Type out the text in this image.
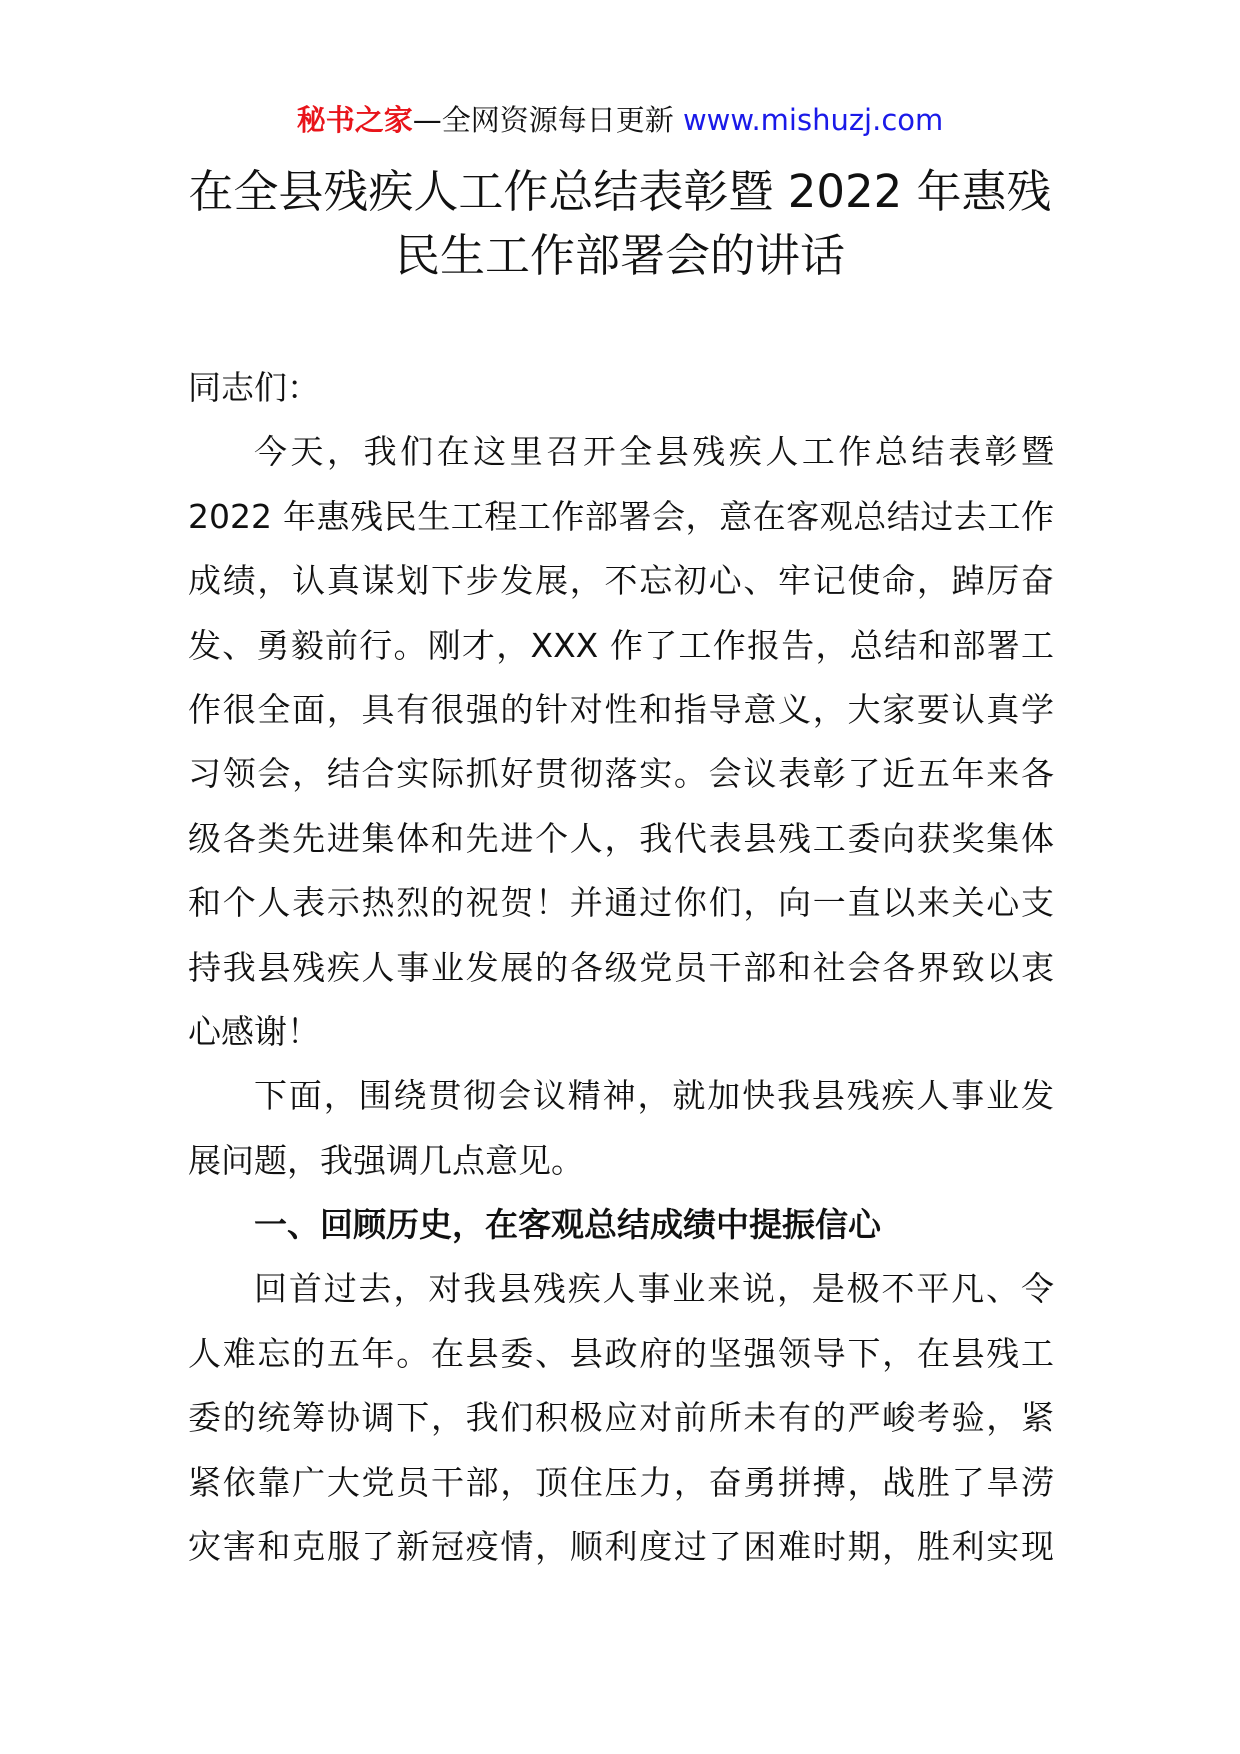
秘书之家—全网资源每日更新 www.mishuzj.com
在全县残疾人工作总结表彰暨 2022 年惠残
民生工作部署会的讲话
同志们：
今天，我们在这里召开全县残疾人工作总结表彰暨
2022 年惠残民生工程工作部署会，意在客观总结过去工作
成绩，认真谋划下步发展，不忘初心、牢记使命，踔厉奋
发、勇毅前行。刚才，XXX 作了工作报告，总结和部署工
作很全面，具有很强的针对性和指导意义，大家要认真学
习领会，结合实际抓好贯彻落实。会议表彰了近五年来各
级各类先进集体和先进个人，我代表县残工委向获奖集体
和个人表示热烈的祝贺！并通过你们，向一直以来关心支
持我县残疾人事业发展的各级党员干部和社会各界致以衷
心感谢！
下面，围绕贯彻会议精神，就加快我县残疾人事业发
展问题，我强调几点意见。
一、回顾历史，在客观总结成绩中提振信心
回首过去，对我县残疾人事业来说，是极不平凡、令
人难忘的五年。在县委、县政府的坚强领导下，在县残工
委的统筹协调下，我们积极应对前所未有的严峻考验，紧
紧依靠广大党员干部，顶住压力，奋勇拼搏，战胜了旱涝
灾害和克服了新冠疫情，顺利度过了困难时期，胜利实现
